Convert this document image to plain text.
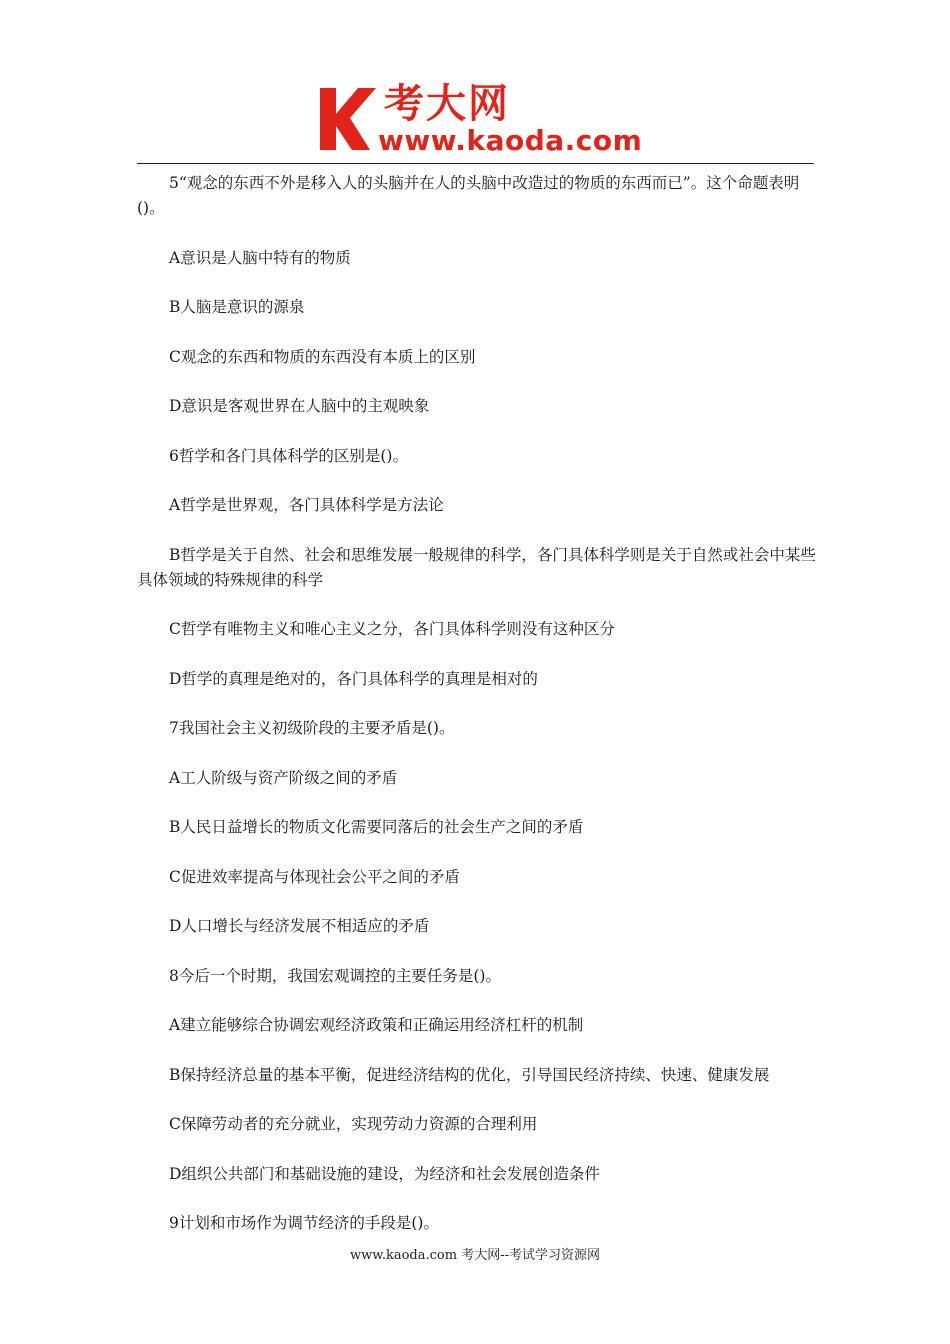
考大网
www.kaoda.com

5“观念的东西不外是移入人的头脑并在人的头脑中改造过的物质的东西而已”。这个命题表明()。

A意识是人脑中特有的物质

B人脑是意识的源泉

C观念的东西和物质的东西没有本质上的区别

D意识是客观世界在人脑中的主观映象

6哲学和各门具体科学的区别是()。

A哲学是世界观，各门具体科学是方法论

B哲学是关于自然、社会和思维发展一般规律的科学，各门具体科学则是关于自然或社会中某些具体领域的特殊规律的科学

C哲学有唯物主义和唯心主义之分，各门具体科学则没有这种区分

D哲学的真理是绝对的，各门具体科学的真理是相对的

7我国社会主义初级阶段的主要矛盾是()。

A工人阶级与资产阶级之间的矛盾

B人民日益增长的物质文化需要同落后的社会生产之间的矛盾

C促进效率提高与体现社会公平之间的矛盾

D人口增长与经济发展不相适应的矛盾

8今后一个时期，我国宏观调控的主要任务是()。

A建立能够综合协调宏观经济政策和正确运用经济杠杆的机制

B保持经济总量的基本平衡，促进经济结构的优化，引导国民经济持续、快速、健康发展

C保障劳动者的充分就业，实现劳动力资源的合理利用

D组织公共部门和基础设施的建设，为经济和社会发展创造条件

9计划和市场作为调节经济的手段是()。

www.kaoda.com 考大网--考试学习资源网
